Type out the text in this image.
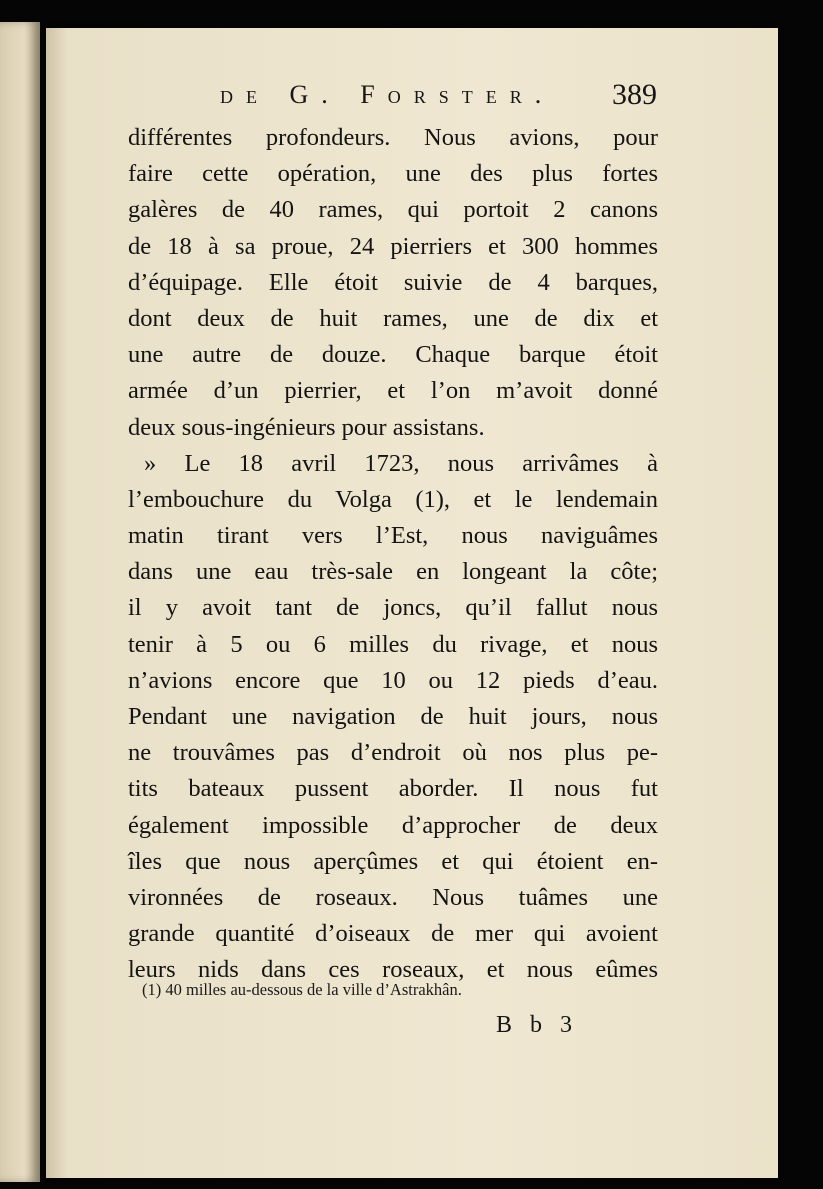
de G. Forster. 389
différentes profondeurs. Nous avions, pour
faire cette opération, une des plus fortes
galères de 40 rames, qui portoit 2 canons
de 18 à sa proue, 24 pierriers et 300 hommes
d’équipage. Elle étoit suivie de 4 barques,
dont deux de huit rames, une de dix et
une autre de douze. Chaque barque étoit
armée d’un pierrier, et l’on m’avoit donné
deux sous-ingénieurs pour assistans.
» Le 18 avril 1723, nous arrivâmes à
l’embouchure du Volga (1), et le lendemain
matin tirant vers l’Est, nous naviguâmes
dans une eau très-sale en longeant la côte;
il y avoit tant de joncs, qu’il fallut nous
tenir à 5 ou 6 milles du rivage, et nous
n’avions encore que 10 ou 12 pieds d’eau.
Pendant une navigation de huit jours, nous
ne trouvâmes pas d’endroit où nos plus pe-
tits bateaux pussent aborder. Il nous fut
également impossible d’approcher de deux
îles que nous aperçûmes et qui étoient en-
vironnées de roseaux. Nous tuâmes une
grande quantité d’oiseaux de mer qui avoient
leurs nids dans ces roseaux, et nous eûmes
(1) 40 milles au-dessous de la ville d’Astrakhân.
B b 3
